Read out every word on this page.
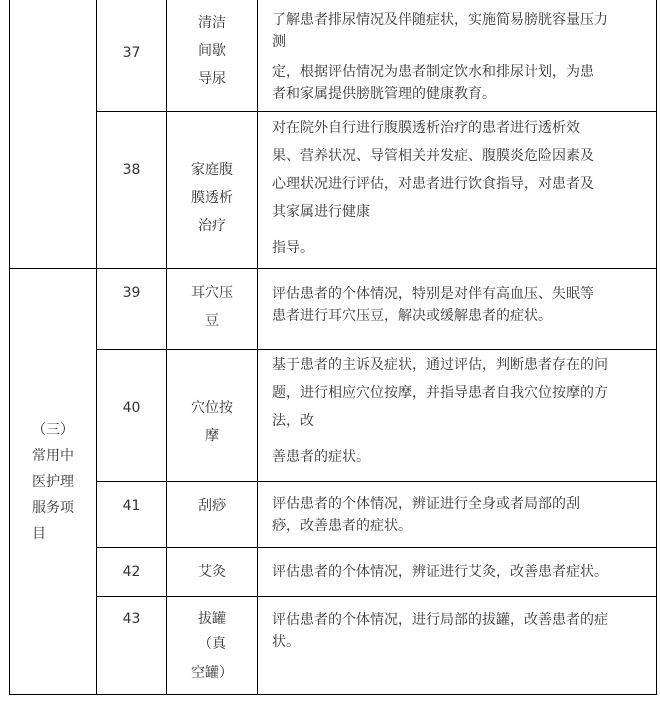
	37	清洁
间歇
导尿	了解患者排尿情况及伴随症状，实施简易膀胱容量压力
测
定，根据评估情况为患者制定饮水和排尿计划，为患
者和家属提供膀胱管理的健康教育。

	38	家庭腹
膜透析
治疗	对在院外自行进行腹膜透析治疗的患者进行透析效
果、营养状况、导管相关并发症、腹膜炎危险因素及
心理状况进行评估，对患者进行饮食指导，对患者及
其家属进行健康
指导。

（三）
常用中
医护理
服务项
目	39	耳穴压
豆	评估患者的个体情况，特别是对伴有高血压、失眠等
患者进行耳穴压豆，解决或缓解患者的症状。

	40	穴位按
摩	基于患者的主诉及症状，通过评估，判断患者存在的问
题，进行相应穴位按摩，并指导患者自我穴位按摩的方
法，改
善患者的症状。

	41	刮痧	评估患者的个体情况，辨证进行全身或者局部的刮
痧，改善患者的症状。

	42	艾灸	评估患者的个体情况，辨证进行艾灸，改善患者症状。

	43	拔罐
（真
空罐）	评估患者的个体情况，进行局部的拔罐，改善患者的症
状。
